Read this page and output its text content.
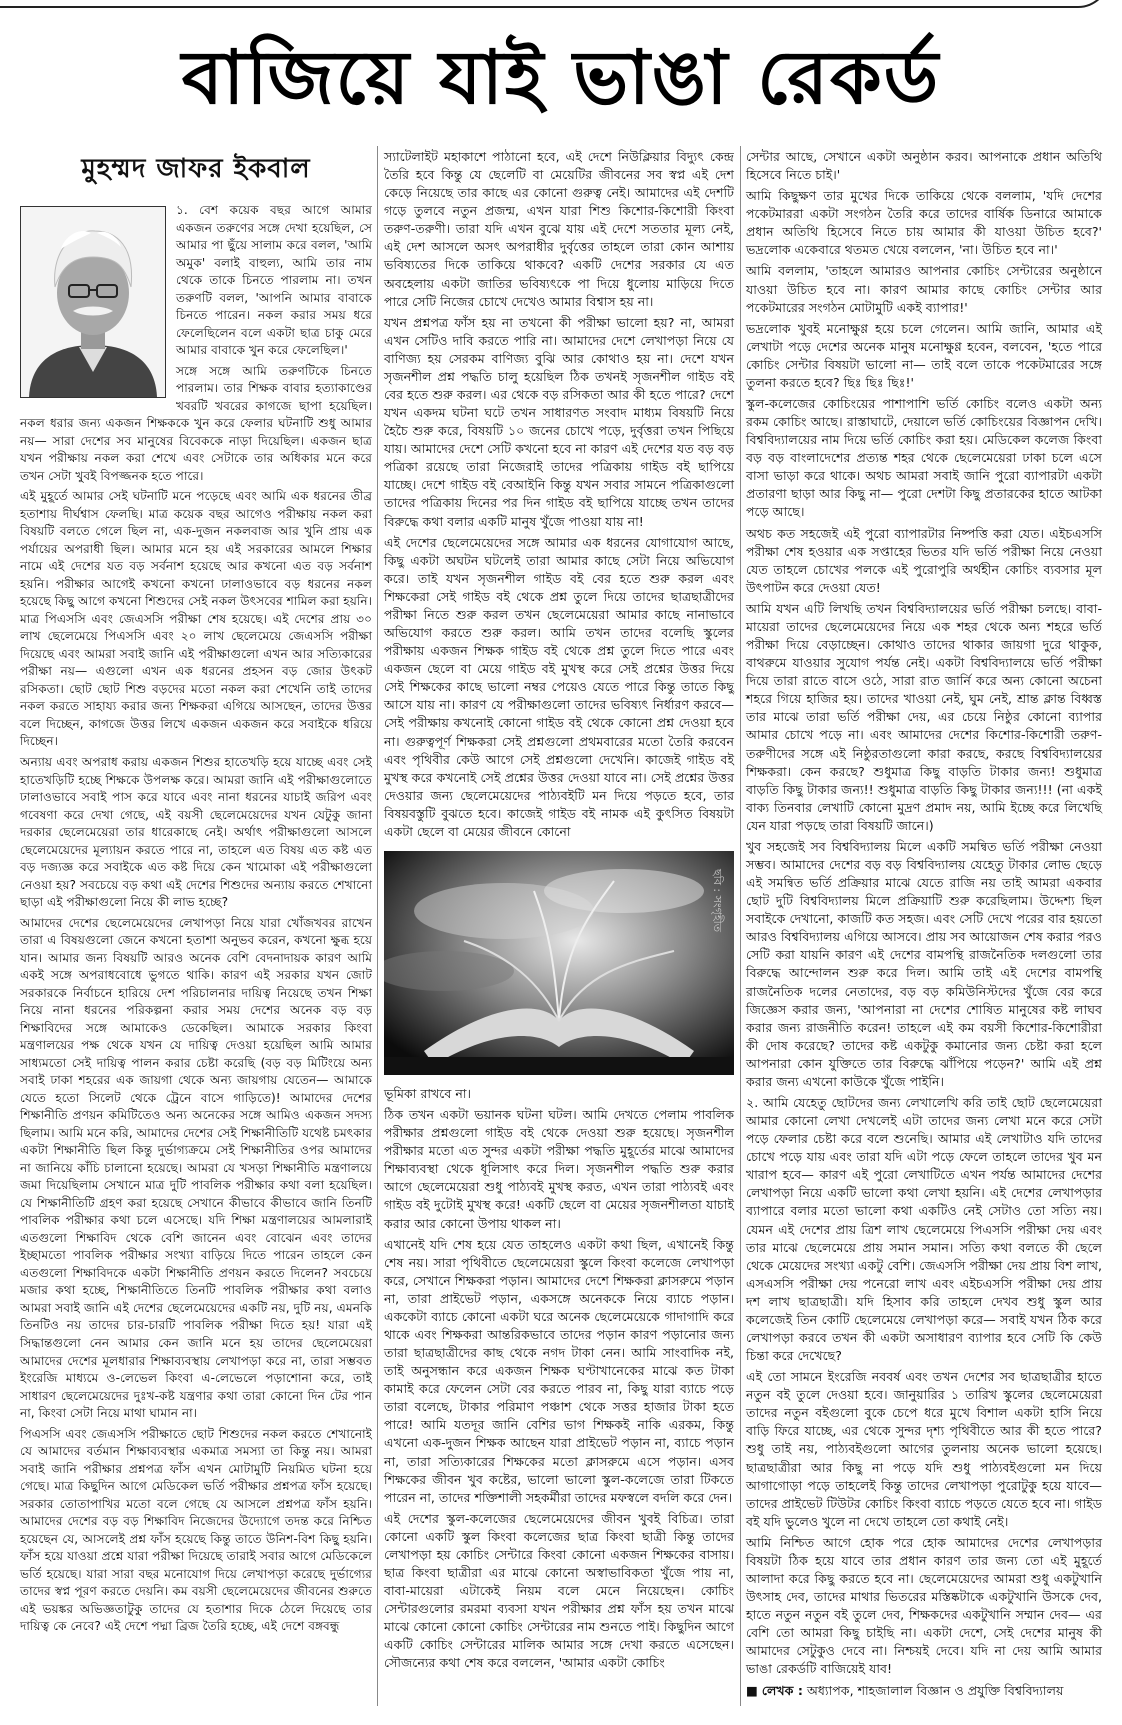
বাজিয়ে যাই ভাঙা রেকর্ড
মুহম্মদ জাফর ইকবাল

১. বেশ কয়েক বছর আগে আমার একজন তরুণের সঙ্গে দেখা হয়েছিল, সে আমার পা ছুঁয়ে সালাম করে বলল, 'আমি অমুক' বলাই বাহুল্য, আমি তার নাম থেকে তাকে চিনতে পারলাম না। তখন তরুণটি বলল, 'আপনি আমার বাবাকে চিনতে পারেন। নকল করার সময় ধরে ফেলেছিলেন বলে একটা ছাত্র চাকু মেরে আমার বাবাকে খুন করে ফেলেছিল।'

সঙ্গে সঙ্গে আমি তরুণটিকে চিনতে পারলাম। তার শিক্ষক বাবার হত্যাকাণ্ডের খবরটি খবরের কাগজে ছাপা হয়েছিল। নকল ধরার জন্য একজন শিক্ষককে খুন করে ফেলার ঘটনাটি শুধু আমার নয়— সারা দেশের সব মানুষের বিবেককে নাড়া দিয়েছিল। একজন ছাত্র যখন পরীক্ষায় নকল করা শেখে এবং সেটাকে তার অধিকার মনে করে তখন সেটা খুবই বিপজ্জনক হতে পারে।

এই মুহূর্তে আমার সেই ঘটনাটি মনে পড়েছে এবং আমি এক ধরনের তীব্র হতাশায় দীর্ঘশ্বাস ফেলছি। মাত্র কয়েক বছর আগেও পরীক্ষায় নকল করা বিষয়টি বলতে গেলে ছিল না, এক-দুজন নকলবাজ আর খুনি প্রায় এক পর্যায়ের অপরাধী ছিল। আমার মনে হয় এই সরকারের আমলে শিক্ষার নামে এই দেশের যত বড় সর্বনাশ হয়েছে আর কখনো এত বড় সর্বনাশ হয়নি। পরীক্ষার আগেই কখনো কখনো ঢালাওভাবে বড় ধরনের নকল হয়েছে কিছু আগে কখনো শিশুদের সেই নকল উৎসবের শামিল করা হয়নি। মাত্র পিএসসি এবং জেএসসি পরীক্ষা শেষ হয়েছে। এই দেশের প্রায় ৩০ লাখ ছেলেমেয়ে পিএসসি এবং ২০ লাখ ছেলেমেয়ে জেএসসি পরীক্ষা দিয়েছে এবং আমরা সবাই জানি এই পরীক্ষাগুলো এখন আর সত্যিকারের পরীক্ষা নয়— এগুলো এখন এক ধরনের প্রহসন বড় জোর উৎকট রসিকতা। ছোট ছোট শিশু বড়দের মতো নকল করা শেখেনি তাই তাদের নকল করতে সাহায্য করার জন্য শিক্ষকরা এগিয়ে আসছেন, তাদের উত্তর বলে দিচ্ছেন, কাগজে উত্তর লিখে একজন একজন করে সবাইকে ধরিয়ে দিচ্ছেন।

অন্যায় এবং অপরাধ করায় একজন শিশুর হাতেখড়ি হয়ে যাচ্ছে এবং সেই হাতেখড়িটি হচ্ছে শিক্ষকে উপলক্ষ করে। আমরা জানি এই পরীক্ষাগুলোতে ঢালাওভাবে সবাই পাস করে যাবে এবং নানা ধরনের যাচাই জরিপ এবং গবেষণা করে দেখা গেছে, এই বয়সী ছেলেমেয়েদের যখন যেটুকু জানা দরকার ছেলেমেয়েরা তার ধারেকাছে নেই। অর্থাৎ পরীক্ষাগুলো আসলে ছেলেমেয়েদের মূল্যায়ন করতে পারে না, তাহলে এত বিষয় এত কষ্ট এত বড় দজ্যজ্ঞ করে সবাইকে এত কষ্ট দিয়ে কেন খামোকা এই পরীক্ষাগুলো নেওয়া হয়? সবচেয়ে বড় কথা এই দেশের শিশুদের অন্যায় করতে শেখানো ছাড়া এই পরীক্ষাগুলো নিয়ে কী লাভ হচ্ছে?

আমাদের দেশের ছেলেমেয়েদের লেখাপড়া নিয়ে যারা খোঁজখবর রাখেন তারা এ বিষয়গুলো জেনে কখনো হতাশা অনুভব করেন, কখনো ক্ষুব্ধ হয়ে যান। আমার জন্য বিষয়টি আরও অনেক বেশি বেদনাদায়ক কারণ আমি একই সঙ্গে অপরাধবোধে ভুগতে থাকি। কারণ এই সরকার যখন জোট সরকারকে নির্বাচনে হারিয়ে দেশ পরিচালনার দায়িত্ব নিয়েছে তখন শিক্ষা নিয়ে নানা ধরনের পরিকল্পনা করার সময় দেশের অনেক বড় বড় শিক্ষাবিদের সঙ্গে আমাকেও ডেকেছিল। আমাকে সরকার কিংবা মন্ত্রণালয়ের পক্ষ থেকে যখন যে দায়িত্ব দেওয়া হয়েছিল আমি আমার সাধ্যমতো সেই দায়িত্ব পালন করার চেষ্টা করেছি (বড় বড় মিটিংয়ে অন্য সবাই ঢাকা শহরের এক জায়গা থেকে অন্য জায়গায় যেতেন— আমাকে যেতে হতো সিলেট থেকে ট্রেনে বাসে গাড়িতে)! আমাদের দেশের শিক্ষানীতি প্রণয়ন কমিটিতেও অন্য অনেকের সঙ্গে আমিও একজন সদস্য ছিলাম। আমি মনে করি, আমাদের দেশের সেই শিক্ষানীতিটি যথেষ্ট চমৎকার একটা শিক্ষানীতি ছিল কিন্তু দুর্ভাগ্যক্রমে সেই শিক্ষানীতির ওপর আমাদের না জানিয়ে কাঁচি চালানো হয়েছে। আমরা যে খসড়া শিক্ষানীতি মন্ত্রণালয়ে জমা দিয়েছিলাম সেখানে মাত্র দুটি পাবলিক পরীক্ষার কথা বলা হয়েছিল। যে শিক্ষানীতিটি গ্রহণ করা হয়েছে সেখানে কীভাবে কীভাবে জানি তিনটি পাবলিক পরীক্ষার কথা চলে এসেছে। যদি শিক্ষা মন্ত্রণালয়ের আমলারাই এতগুলো শিক্ষাবিদ থেকে বেশি জানেন এবং বোঝেন এবং তাদের ইচ্ছামতো পাবলিক পরীক্ষার সংখ্যা বাড়িয়ে দিতে পারেন তাহলে কেন এতগুলো শিক্ষাবিদকে একটা শিক্ষানীতি প্রণয়ন করতে দিলেন? সবচেয়ে মজার কথা হচ্ছে, শিক্ষানীতিতে তিনটি পাবলিক পরীক্ষার কথা বলাও আমরা সবাই জানি এই দেশের ছেলেমেয়েদের একটি নয়, দুটি নয়, এমনকি তিনটিও নয় তাদের চার-চারটি পাবলিক পরীক্ষা দিতে হয়! যারা এই সিদ্ধান্তগুলো নেন আমার কেন জানি মনে হয় তাদের ছেলেমেয়েরা আমাদের দেশের মূলধারার শিক্ষাব্যবস্থায় লেখাপড়া করে না, তারা সম্ভবত ইংরেজি মাধ্যমে ও-লেভেল কিংবা এ-লেভেলে পড়াশোনা করে, তাই সাধারণ ছেলেমেয়েদের দুঃখ-কষ্ট যন্ত্রণার কথা তারা কোনো দিন টের পান না, কিংবা সেটা নিয়ে মাথা ঘামান না।

পিএসসি এবং জেএসসি পরীক্ষাতে ছোট শিশুদের নকল করতে শেখানোই যে আমাদের বর্তমান শিক্ষাব্যবস্থার একমাত্র সমস্যা তা কিন্তু নয়। আমরা সবাই জানি পরীক্ষার প্রশ্নপত্র ফাঁস এখন মোটামুটি নিয়মিত ঘটনা হয়ে গেছে। মাত্র কিছুদিন আগে মেডিকেল ভর্তি পরীক্ষার প্রশ্নপত্র ফাঁস হয়েছে। সরকার তোতাপাখির মতো বলে গেছে যে আসলে প্রশ্নপত্র ফাঁস হয়নি। আমাদের দেশের বড় বড় শিক্ষাবিদ নিজেদের উদ্যোগে তদন্ত করে নিশ্চিত হয়েছেন যে, আসলেই প্রশ্ন ফাঁস হয়েছে কিন্তু তাতে উনিশ-বিশ কিছু হয়নি। ফাঁস হয়ে যাওয়া প্রশ্নে যারা পরীক্ষা দিয়েছে তারাই সবার আগে মেডিকেলে ভর্তি হয়েছে। যারা সারা বছর মনোযোগ দিয়ে লেখাপড়া করেছে দুর্ভাগ্যের তাদের স্বপ্ন পূরণ করতে দেয়নি। কম বয়সী ছেলেমেয়েদের জীবনের শুরুতে এই ভয়ঙ্কর অভিজ্ঞতাটুকু তাদের যে হতাশার দিকে ঠেলে দিয়েছে তার দায়িত্ব কে নেবে? এই দেশে পদ্মা ব্রিজ তৈরি হচ্ছে, এই দেশে বঙ্গবন্ধু

স্যাটেলাইট মহাকাশে পাঠানো হবে, এই দেশে নিউক্লিয়ার বিদ্যুৎ কেন্দ্র তৈরি হবে কিন্তু যে ছেলেটি বা মেয়েটির জীবনের সব স্বপ্ন এই দেশ কেড়ে নিয়েছে তার কাছে এর কোনো গুরুত্ব নেই। আমাদের এই দেশটি গড়ে তুলবে নতুন প্রজন্ম, এখন যারা শিশু কিশোর-কিশোরী কিংবা তরুণ-তরুণী। তারা যদি এখন বুঝে যায় এই দেশে সততার মূল্য নেই, এই দেশ আসলে অসৎ অপরাধীর দুর্বৃত্তের তাহলে তারা কোন আশায় ভবিষ্যতের দিকে তাকিয়ে থাকবে? একটি দেশের সরকার যে এত অবহেলায় একটা জাতির ভবিষ্যৎকে পা দিয়ে ধুলোয় মাড়িয়ে দিতে পারে সেটি নিজের চোখে দেখেও আমার বিশ্বাস হয় না।

যখন প্রশ্নপত্র ফাঁস হয় না তখনো কী পরীক্ষা ভালো হয়? না, আমরা এখন সেটিও দাবি করতে পারি না। আমাদের দেশে লেখাপড়া নিয়ে যে বাণিজ্য হয় সেরকম বাণিজ্য বুঝি আর কোথাও হয় না। দেশে যখন সৃজনশীল প্রশ্ন পদ্ধতি চালু হয়েছিল ঠিক তখনই সৃজনশীল গাইড বই বের হতে শুরু করল। এর থেকে বড় রসিকতা আর কী হতে পারে? দেশে যখন একদম ঘটনা ঘটে তখন সাধারণত সংবাদ মাধ্যম বিষয়টি নিয়ে হৈচৈ শুরু করে, বিষয়টি ১০ জনের চোখে পড়ে, দুর্বৃত্তরা তখন পিছিয়ে যায়। আমাদের দেশে সেটি কখনো হবে না কারণ এই দেশের যত বড় বড় পত্রিকা রয়েছে তারা নিজেরাই তাদের পত্রিকায় গাইড বই ছাপিয়ে যাচ্ছে। দেশে গাইড বই বেআইনি কিন্তু যখন সবার সামনে পত্রিকাগুলো তাদের পত্রিকায় দিনের পর দিন গাইড বই ছাপিয়ে যাচ্ছে তখন তাদের বিরুদ্ধে কথা বলার একটি মানুষ খুঁজে পাওয়া যায় না!

এই দেশের ছেলেমেয়েদের সঙ্গে আমার এক ধরনের যোগাযোগ আছে, কিছু একটা অঘটন ঘটলেই তারা আমার কাছে সেটা নিয়ে অভিযোগ করে। তাই যখন সৃজনশীল গাইড বই বের হতে শুরু করল এবং শিক্ষকেরা সেই গাইড বই থেকে প্রশ্ন তুলে দিয়ে তাদের ছাত্রছাত্রীদের পরীক্ষা নিতে শুরু করল তখন ছেলেমেয়েরা আমার কাছে নানাভাবে অভিযোগ করতে শুরু করল। আমি তখন তাদের বলেছি স্কুলের পরীক্ষায় একজন শিক্ষক গাইড বই থেকে প্রশ্ন তুলে দিতে পারে এবং একজন ছেলে বা মেয়ে গাইড বই মুখস্থ করে সেই প্রশ্নের উত্তর দিয়ে সেই শিক্ষকের কাছে ভালো নম্বর পেয়েও যেতে পারে কিন্তু তাতে কিছু আসে যায় না। কারণ যে পরীক্ষাগুলো তাদের ভবিষ্যৎ নির্ধারণ করবে— সেই পরীক্ষায় কখনোই কোনো গাইড বই থেকে কোনো প্রশ্ন দেওয়া হবে না। গুরুত্বপূর্ণ শিক্ষকরা সেই প্রশ্নগুলো প্রথমবারের মতো তৈরি করবেন এবং পৃথিবীর কেউ আগে সেই প্রশ্নগুলো দেখেনি। কাজেই গাইড বই মুখস্থ করে কখনোই সেই প্রশ্নের উত্তর দেওয়া যাবে না। সেই প্রশ্নের উত্তর দেওয়ার জন্য ছেলেমেয়েদের পাঠ্যবইটি মন দিয়ে পড়তে হবে, তার বিষয়বস্তুটি বুঝতে হবে। কাজেই গাইড বই নামক এই কুৎসিত বিষয়টা একটা ছেলে বা মেয়ের জীবনে কোনো

ছবি : সংগৃহীত

ভূমিকা রাখবে না।

ঠিক তখন একটা ভয়ানক ঘটনা ঘটল। আমি দেখতে পেলাম পাবলিক পরীক্ষার প্রশ্নগুলো গাইড বই থেকে দেওয়া শুরু হয়েছে। সৃজনশীল পরীক্ষার মতো এত সুন্দর একটা পরীক্ষা পদ্ধতি মুহূর্তের মাঝে আমাদের শিক্ষাব্যবস্থা থেকে ধূলিসাৎ করে দিল। সৃজনশীল পদ্ধতি শুরু করার আগে ছেলেমেয়েরা শুধু পাঠ্যবই মুখস্থ করত, এখন তারা পাঠ্যবই এবং গাইড বই দুটোই মুখস্থ করে! একটি ছেলে বা মেয়ের সৃজনশীলতা যাচাই করার আর কোনো উপায় থাকল না।

এখানেই যদি শেষ হয়ে যেত তাহলেও একটা কথা ছিল, এখানেই কিন্তু শেষ নয়। সারা পৃথিবীতে ছেলেমেয়েরা স্কুলে কিংবা কলেজে লেখাপড়া করে, সেখানে শিক্ষকরা পড়ান। আমাদের দেশে শিক্ষকরা ক্লাসরুমে পড়ান না, তারা প্রাইভেট পড়ান, একসঙ্গে অনেককে নিয়ে ব্যাচে পড়ান। এককেটা ব্যাচে কোনো একটা ঘরে অনেক ছেলেমেয়েকে গাদাগাদি করে থাকে এবং শিক্ষকরা আন্তরিকভাবে তাদের পড়ান কারণ পড়ানোর জন্য তারা ছাত্রছাত্রীদের কাছ থেকে নগদ টাকা নেন। আমি সাংবাদিক নই, তাই অনুসন্ধান করে একজন শিক্ষক ঘণ্টাখানেকের মাঝে কত টাকা কামাই করে ফেলেন সেটা বের করতে পারব না, কিছু যারা ব্যাচে পড়ে তারা বলেছে, টাকার পরিমাণ পঞ্চাশ থেকে সত্তর হাজার টাকা হতে পারে! আমি যতদূর জানি বেশির ভাগ শিক্ষকই নাকি এরকম, কিন্তু এখনো এক-দুজন শিক্ষক আছেন যারা প্রাইভেট পড়ান না, ব্যাচে পড়ান না, তারা সত্যিকারের শিক্ষকের মতো ক্লাসরুমে এসে পড়ান। এসব শিক্ষকের জীবন খুব কষ্টের, ভালো ভালো স্কুল-কলেজে তারা টিকতে পারেন না, তাদের শক্তিশালী সহকর্মীরা তাদের মফস্বলে বদলি করে দেন।

এই দেশের স্কুল-কলেজের ছেলেমেয়েদের জীবন খুবই বিচিত্র। তারা কোনো একটি স্কুল কিংবা কলেজের ছাত্র কিংবা ছাত্রী কিন্তু তাদের লেখাপড়া হয় কোচিং সেন্টারে কিংবা কোনো একজন শিক্ষকের বাসায়। ছাত্র কিংবা ছাত্রীরা এর মাঝে কোনো অস্বাভাবিকতা খুঁজে পায় না, বাবা-মায়েরা এটাকেই নিয়ম বলে মেনে নিয়েছেন। কোচিং সেন্টারগুলোর রমরমা ব্যবসা যখন পরীক্ষার প্রশ্ন ফাঁস হয় তখন মাঝে মাঝে কোনো কোনো কোচিং সেন্টারের নাম শুনতে পাই। কিছুদিন আগে একটি কোচিং সেন্টারের মালিক আমার সঙ্গে দেখা করতে এসেছেন। সৌজন্যের কথা শেষ করে বললেন, 'আমার একটা কোচিং

সেন্টার আছে, সেখানে একটা অনুষ্ঠান করব। আপনাকে প্রধান অতিথি হিসেবে নিতে চাই।'

আমি কিছুক্ষণ তার মুখের দিকে তাকিয়ে থেকে বললাম, 'যদি দেশের পকেটমাররা একটা সংগঠন তৈরি করে তাদের বার্ষিক ডিনারে আমাকে প্রধান অতিথি হিসেবে নিতে চায় আমার কী যাওয়া উচিত হবে?' ভদ্রলোক একেবারে থতমত খেয়ে বললেন, 'না। উচিত হবে না।'

আমি বললাম, 'তাহলে আমারও আপনার কোচিং সেন্টারের অনুষ্ঠানে যাওয়া উচিত হবে না। কারণ আমার কাছে কোচিং সেন্টার আর পকেটমারের সংগঠন মোটামুটি একই ব্যাপার!'

ভদ্রলোক খুবই মনোক্ষুণ্ণ হয়ে চলে গেলেন। আমি জানি, আমার এই লেখাটা পড়ে দেশের অনেক মানুষ মনোক্ষুণ্ণ হবেন, বলবেন, 'হতে পারে কোচিং সেন্টার বিষয়টা ভালো না— তাই বলে তাকে পকেটমারের সঙ্গে তুলনা করতে হবে? ছিঃ ছিঃ ছিঃ!'

স্কুল-কলেজের কোচিংয়ের পাশাপাশি ভর্তি কোচিং বলেও একটা অন্য রকম কোচিং আছে। রাস্তাঘাটে, দেয়ালে ভর্তি কোচিংয়ের বিজ্ঞাপন দেখি। বিশ্ববিদ্যালয়ের নাম দিয়ে ভর্তি কোচিং করা হয়। মেডিকেল কলেজ কিংবা বড় বড় বাংলাদেশের প্রত্যন্ত শহর থেকে ছেলেমেয়েরা ঢাকা চলে এসে বাসা ভাড়া করে থাকে। অথচ আমরা সবাই জানি পুরো ব্যাপারটা একটা প্রতারণা ছাড়া আর কিছু না— পুরো দেশটা কিছু প্রতারকের হাতে আটকা পড়ে আছে।

অথচ কত সহজেই এই পুরো ব্যাপারটার নিষ্পত্তি করা যেত। এইচএসসি পরীক্ষা শেষ হওয়ার এক সপ্তাহের ভিতর যদি ভর্তি পরীক্ষা নিয়ে নেওয়া যেত তাহলে চোখের পলকে এই পুরোপুরি অর্থহীন কোচিং ব্যবসার মূল উৎপাটন করে দেওয়া যেত!

আমি যখন এটি লিখছি তখন বিশ্ববিদ্যালয়ের ভর্তি পরীক্ষা চলছে। বাবা-মায়েরা তাদের ছেলেমেয়েদের নিয়ে এক শহর থেকে অন্য শহরে ভর্তি পরীক্ষা দিয়ে বেড়াচ্ছেন। কোথাও তাদের থাকার জায়গা দুরে থাকুক, বাথরুমে যাওয়ার সুযোগ পর্যন্ত নেই। একটা বিশ্ববিদ্যালয়ে ভর্তি পরীক্ষা দিয়ে তারা রাতে বাসে ওঠে, সারা রাত জার্নি করে অন্য কোনো অচেনা শহরে গিয়ে হাজির হয়। তাদের খাওয়া নেই, ঘুম নেই, শ্রান্ত ক্লান্ত বিধ্বস্ত তার মাঝে তারা ভর্তি পরীক্ষা দেয়, এর চেয়ে নিষ্ঠুর কোনো ব্যাপার আমার চোখে পড়ে না। এবং আমাদের দেশের কিশোর-কিশোরী তরুণ-তরুণীদের সঙ্গে এই নিষ্ঠুরতাগুলো কারা করছে, করছে বিশ্ববিদ্যালয়ের শিক্ষকরা। কেন করছে? শুধুমাত্র কিছু বাড়তি টাকার জন্য! শুধুমাত্র বাড়তি কিছু টাকার জন্য!! শুধুমাত্র বাড়তি কিছু টাকার জন্য!!! (না একই বাক্য তিনবার লেখাটি কোনো মুদ্রণ প্রমাদ নয়, আমি ইচ্ছে করে লিখেছি যেন যারা পড়ছে তারা বিষয়টি জানে।)

খুব সহজেই সব বিশ্ববিদ্যালয় মিলে একটি সমন্বিত ভর্তি পরীক্ষা নেওয়া সম্ভব। আমাদের দেশের বড় বড় বিশ্ববিদ্যালয় যেহেতু টাকার লোভ ছেড়ে এই সমন্বিত ভর্তি প্রক্রিয়ার মাঝে যেতে রাজি নয় তাই আমরা একবার ছোট দুটি বিশ্ববিদ্যালয় মিলে প্রক্রিয়াটি শুরু করেছিলাম। উদ্দেশ্য ছিল সবাইকে দেখানো, কাজটি কত সহজ। এবং সেটি দেখে পরের বার হয়তো আরও বিশ্ববিদ্যালয় এগিয়ে আসবে। প্রায় সব আয়োজন শেষ করার পরও সেটি করা যায়নি কারণ এই দেশের বামপন্থি রাজনৈতিক দলগুলো তার বিরুদ্ধে আন্দোলন শুরু করে দিল। আমি তাই এই দেশের বামপন্থি রাজনৈতিক দলের নেতাদের, বড় বড় কমিউনিস্টদের খুঁজে বের করে জিজ্ঞেস করার জন্য, 'আপনারা না দেশের শোষিত মানুষের কষ্ট লাঘব করার জন্য রাজনীতি করেন! তাহলে এই কম বয়সী কিশোর-কিশোরীরা কী দোষ করেছে? তাদের কষ্ট একটুকু কমানোর জন্য চেষ্টা করা হলে আপনারা কোন যুক্তিতে তার বিরুদ্ধে ঝাঁপিয়ে পড়েন?' আমি এই প্রশ্ন করার জন্য এখনো কাউকে খুঁজে পাইনি।

২. আমি যেহেতু ছোটদের জন্য লেখালেখি করি তাই ছোট ছেলেমেয়েরা আমার কোনো লেখা দেখলেই এটা তাদের জন্য লেখা মনে করে সেটা পড়ে ফেলার চেষ্টা করে বলে শুনেছি। আমার এই লেখাটাও যদি তাদের চোখে পড়ে যায় এবং তারা যদি এটা পড়ে ফেলে তাহলে তাদের খুব মন খারাপ হবে— কারণ এই পুরো লেখাটিতে এখন পর্যন্ত আমাদের দেশের লেখাপড়া নিয়ে একটি ভালো কথা লেখা হয়নি। এই দেশের লেখাপড়ার ব্যাপারে বলার মতো ভালো কথা একটিও নেই সেটাও তো সত্যি নয়। যেমন এই দেশের প্রায় ত্রিশ লাখ ছেলেমেয়ে পিএসসি পরীক্ষা দেয় এবং তার মাঝে ছেলেমেয়ে প্রায় সমান সমান। সত্যি কথা বলতে কী ছেলে থেকে মেয়েদের সংখ্যা একটু বেশি। জেএসসি পরীক্ষা দেয় প্রায় বিশ লাখ, এসএসসি পরীক্ষা দেয় পনেরো লাখ এবং এইচএসসি পরীক্ষা দেয় প্রায় দশ লাখ ছাত্রছাত্রী। যদি হিসাব করি তাহলে দেখব শুধু স্কুল আর কলেজেই তিন কোটি ছেলেমেয়ে লেখাপড়া করে— সবাই যখন ঠিক করে লেখাপড়া করবে তখন কী একটা অসাধারণ ব্যাপার হবে সেটি কি কেউ চিন্তা করে দেখেছে?

এই তো সামনে ইংরেজি নববর্ষ এবং তখন দেশের সব ছাত্রছাত্রীর হাতে নতুন বই তুলে দেওয়া হবে। জানুয়ারির ১ তারিখ স্কুলের ছেলেমেয়েরা তাদের নতুন বইগুলো বুকে চেপে ধরে মুখে বিশাল একটা হাসি নিয়ে বাড়ি ফিরে যাচ্ছে, এর থেকে সুন্দর দৃশ্য পৃথিবীতে আর কী হতে পারে? শুধু তাই নয়, পাঠ্যবইগুলো আগের তুলনায় অনেক ভালো হয়েছে। ছাত্রছাত্রীরা আর কিছু না পড়ে যদি শুধু পাঠ্যবইগুলো মন দিয়ে আগাগোড়া পড়ে তাহলেই কিন্তু তাদের লেখাপড়া পুরোটুকু হয়ে যাবে— তাদের প্রাইভেট টিউটর কোচিং কিংবা ব্যাচে পড়তে যেতে হবে না। গাইড বই যদি ভুলেও খুলে না দেখে তাহলে তো কথাই নেই।

আমি নিশ্চিত আগে হোক পরে হোক আমাদের দেশের লেখাপড়ার বিষয়টা ঠিক হয়ে যাবে তার প্রধান কারণ তার জন্য তো এই মুহূর্তে আলাদা করে কিছু করতে হবে না। ছেলেমেয়েদের আমরা শুধু একটুখানি উৎসাহ দেব, তাদের মাথার ভিতরের মস্তিষ্কটাকে একটুখানি উসকে দেব, হাতে নতুন নতুন বই তুলে দেব, শিক্ষকদের একটুখানি সম্মান দেব— এর বেশি তো আমরা কিছু চাইছি না। একটা দেশে, সেই দেশের মানুষ কী আমাদের সেটুকুও দেবে না। নিশ্চয়ই দেবে। যদি না দেয় আমি আমার ভাঙা রেকর্ডটি বাজিয়েই যাব!

■ লেখক : অধ্যাপক, শাহজালাল বিজ্ঞান ও প্রযুক্তি বিশ্ববিদ্যালয়
